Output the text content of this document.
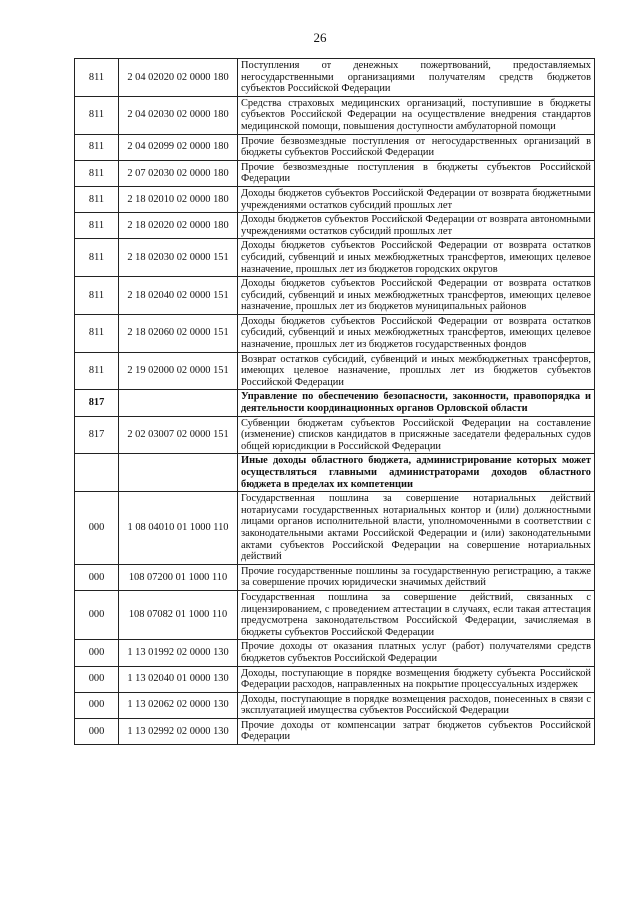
26
811	2 04 02020 02 0000 180	Поступления от денежных пожертвований, предоставляемых негосударственными организациями получателям средств бюджетов субъектов Российской Федерации
811	2 04 02030 02 0000 180	Средства страховых медицинских организаций, поступившие в бюджеты субъектов Российской Федерации на осуществление внедрения стандартов медицинской помощи, повышения доступности амбулаторной помощи
811	2 04 02099 02 0000 180	Прочие безвозмездные поступления от негосударственных организаций в бюджеты субъектов Российской Федерации
811	2 07 02030 02 0000 180	Прочие безвозмездные поступления в бюджеты субъектов Российской Федерации
811	2 18 02010 02 0000 180	Доходы бюджетов субъектов Российской Федерации от возврата бюджетными учреждениями остатков субсидий прошлых лет
811	2 18 02020 02 0000 180	Доходы бюджетов субъектов Российской Федерации от возврата автономными учреждениями остатков субсидий прошлых лет
811	2 18 02030 02 0000 151	Доходы бюджетов субъектов Российской Федерации от возврата остатков субсидий, субвенций и иных межбюджетных трансфертов, имеющих целевое назначение, прошлых лет из бюджетов городских округов
811	2 18 02040 02 0000 151	Доходы бюджетов субъектов Российской Федерации от возврата остатков субсидий, субвенций и иных межбюджетных трансфертов, имеющих целевое назначение, прошлых лет из бюджетов муниципальных районов
811	2 18 02060 02 0000 151	Доходы бюджетов субъектов Российской Федерации от возврата остатков субсидий, субвенций и иных межбюджетных трансфертов, имеющих целевое назначение, прошлых лет из бюджетов государственных фондов
811	2 19 02000 02 0000 151	Возврат остатков субсидий, субвенций и иных межбюджетных трансфертов, имеющих целевое назначение, прошлых лет из бюджетов субъектов Российской Федерации
817		Управление по обеспечению безопасности, законности, правопорядка и деятельности координационных органов Орловской области
817	2 02 03007 02 0000 151	Субвенции бюджетам субъектов Российской Федерации на составление (изменение) списков кандидатов в присяжные заседатели федеральных судов общей юрисдикции в Российской Федерации
		Иные доходы областного бюджета, администрирование которых может осуществляться главными администраторами доходов областного бюджета в пределах их компетенции
000	1 08 04010 01 1000 110	Государственная пошлина за совершение нотариальных действий нотариусами государственных нотариальных контор и (или) должностными лицами органов исполнительной власти, уполномоченными в соответствии с законодательными актами Российской Федерации и (или) законодательными актами субъектов Российской Федерации на совершение нотариальных действий
000	108 07200 01 1000 110	Прочие государственные пошлины за государственную регистрацию, а также за совершение прочих юридически значимых действий
000	108 07082 01 1000 110	Государственная пошлина за совершение действий, связанных с лицензированием, с проведением аттестации в случаях, если такая аттестация предусмотрена законодательством Российской Федерации, зачисляемая в бюджеты субъектов Российской Федерации
000	1 13 01992 02 0000 130	Прочие доходы от оказания платных услуг (работ) получателями средств бюджетов субъектов Российской Федерации
000	1 13 02040 01 0000 130	Доходы, поступающие в порядке возмещения бюджету субъекта Российской Федерации расходов, направленных на покрытие процессуальных издержек
000	1 13 02062 02 0000 130	Доходы, поступающие в порядке возмещения расходов, понесенных в связи с эксплуатацией имущества субъектов Российской Федерации
000	1 13 02992 02 0000 130	Прочие доходы от компенсации затрат бюджетов субъектов Российской Федерации
